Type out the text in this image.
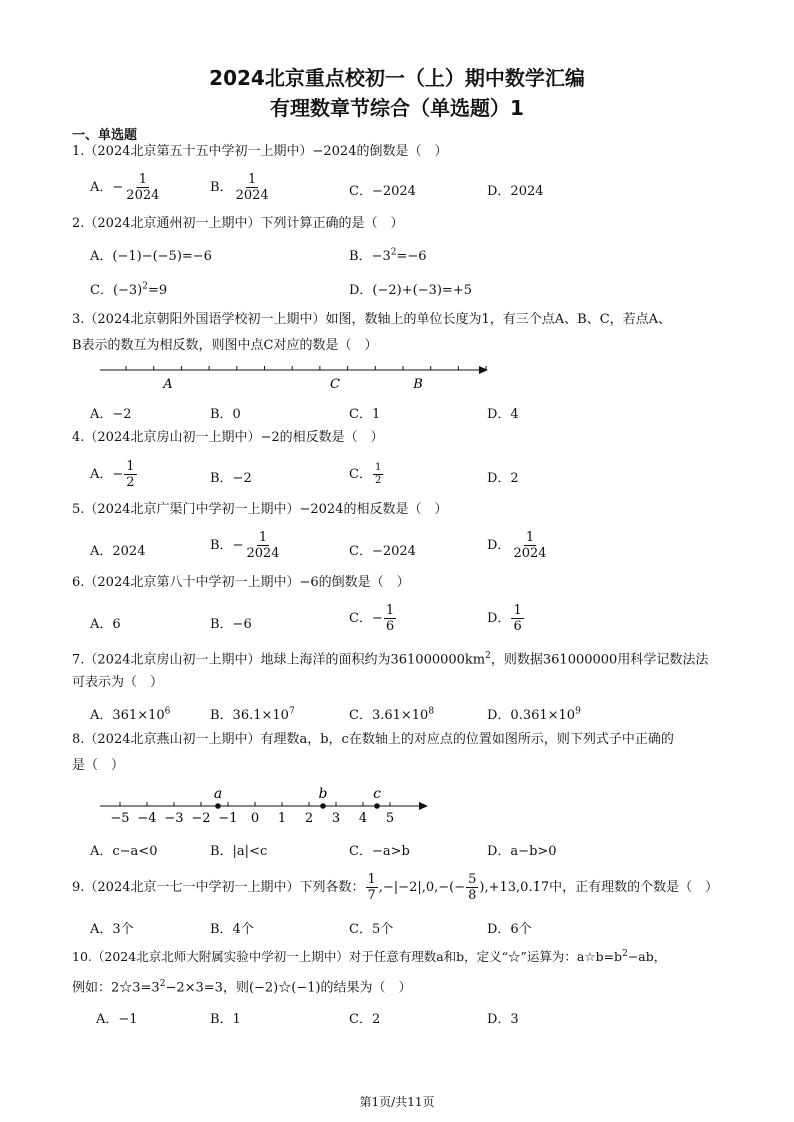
2024北京重点校初一（上）期中数学汇编
有理数章节综合（单选题）1
一、单选题
1.（2024北京第五十五中学初一上期中）−2024的倒数是（　）
A．− $\frac{1}{2024}$	B． $\frac{1}{2024}$	C．−2024	D．2024
2.（2024北京通州初一上期中）下列计算正确的是（　）
A．(−1)−(−5)=−6	B．$-3^2=-6$
C．$(-3)^2=9$	D．(−2)+(−3)=+5
3.（2024北京朝阳外国语学校初一上期中）如图，数轴上的单位长度为1，有三个点A、B、C，若点A、
B表示的数互为相反数，则图中点C对应的数是（　）
A	C	B
A．−2	B．0	C．1	D．4
4.（2024北京房山初一上期中）−2的相反数是（　）
A．− $\frac{1}{2}$	B．−2	C． $\frac{1}{2}$	D．2
5.（2024北京广渠门中学初一上期中）−2024的相反数是（　）
A．2024	B．− $\frac{1}{2024}$	C．−2024	D． $\frac{1}{2024}$
6.（2024北京第八十中学初一上期中）−6的倒数是（　）
A．6	B．−6	C．− $\frac{1}{6}$	D． $\frac{1}{6}$
7.（2024北京房山初一上期中）地球上海洋的面积约为$361000000km^2$，则数据361000000用科学记数法法
可表示为（　）
A．$361\times 10^6$	B．$36.1\times 10^7$	C．$3.61\times 10^8$	D．$0.361\times 10^9$
8.（2024北京燕山初一上期中）有理数a，b，c在数轴上的对应点的位置如图所示，则下列式子中正确的
是（　）
−5 −4 −3 −2 −1 0 1 2 3 4 5
a	b	c
A．c−a<0	B．|a|<c	C．−a>b	D．a−b>0
9.（2024北京一七一中学初一上期中）下列各数： $\frac{1}{7} ,-|-2|,0,-(- \frac{5}{8}$ ),+13,0.1̇7̇中，正有理数的个数是（　）
A．3个	B．4个	C．5个	D．6个
10.（2024北京北师大附属实验中学初一上期中）对于任意有理数a和b，定义“☆”运算为：$a☆b=b^2-ab$，
例如：$2☆3=3^2-2\times 3=3$，则(−2)☆(−1)的结果为（　）
A．−1	B．1	C．2	D．3
第1页/共11页
